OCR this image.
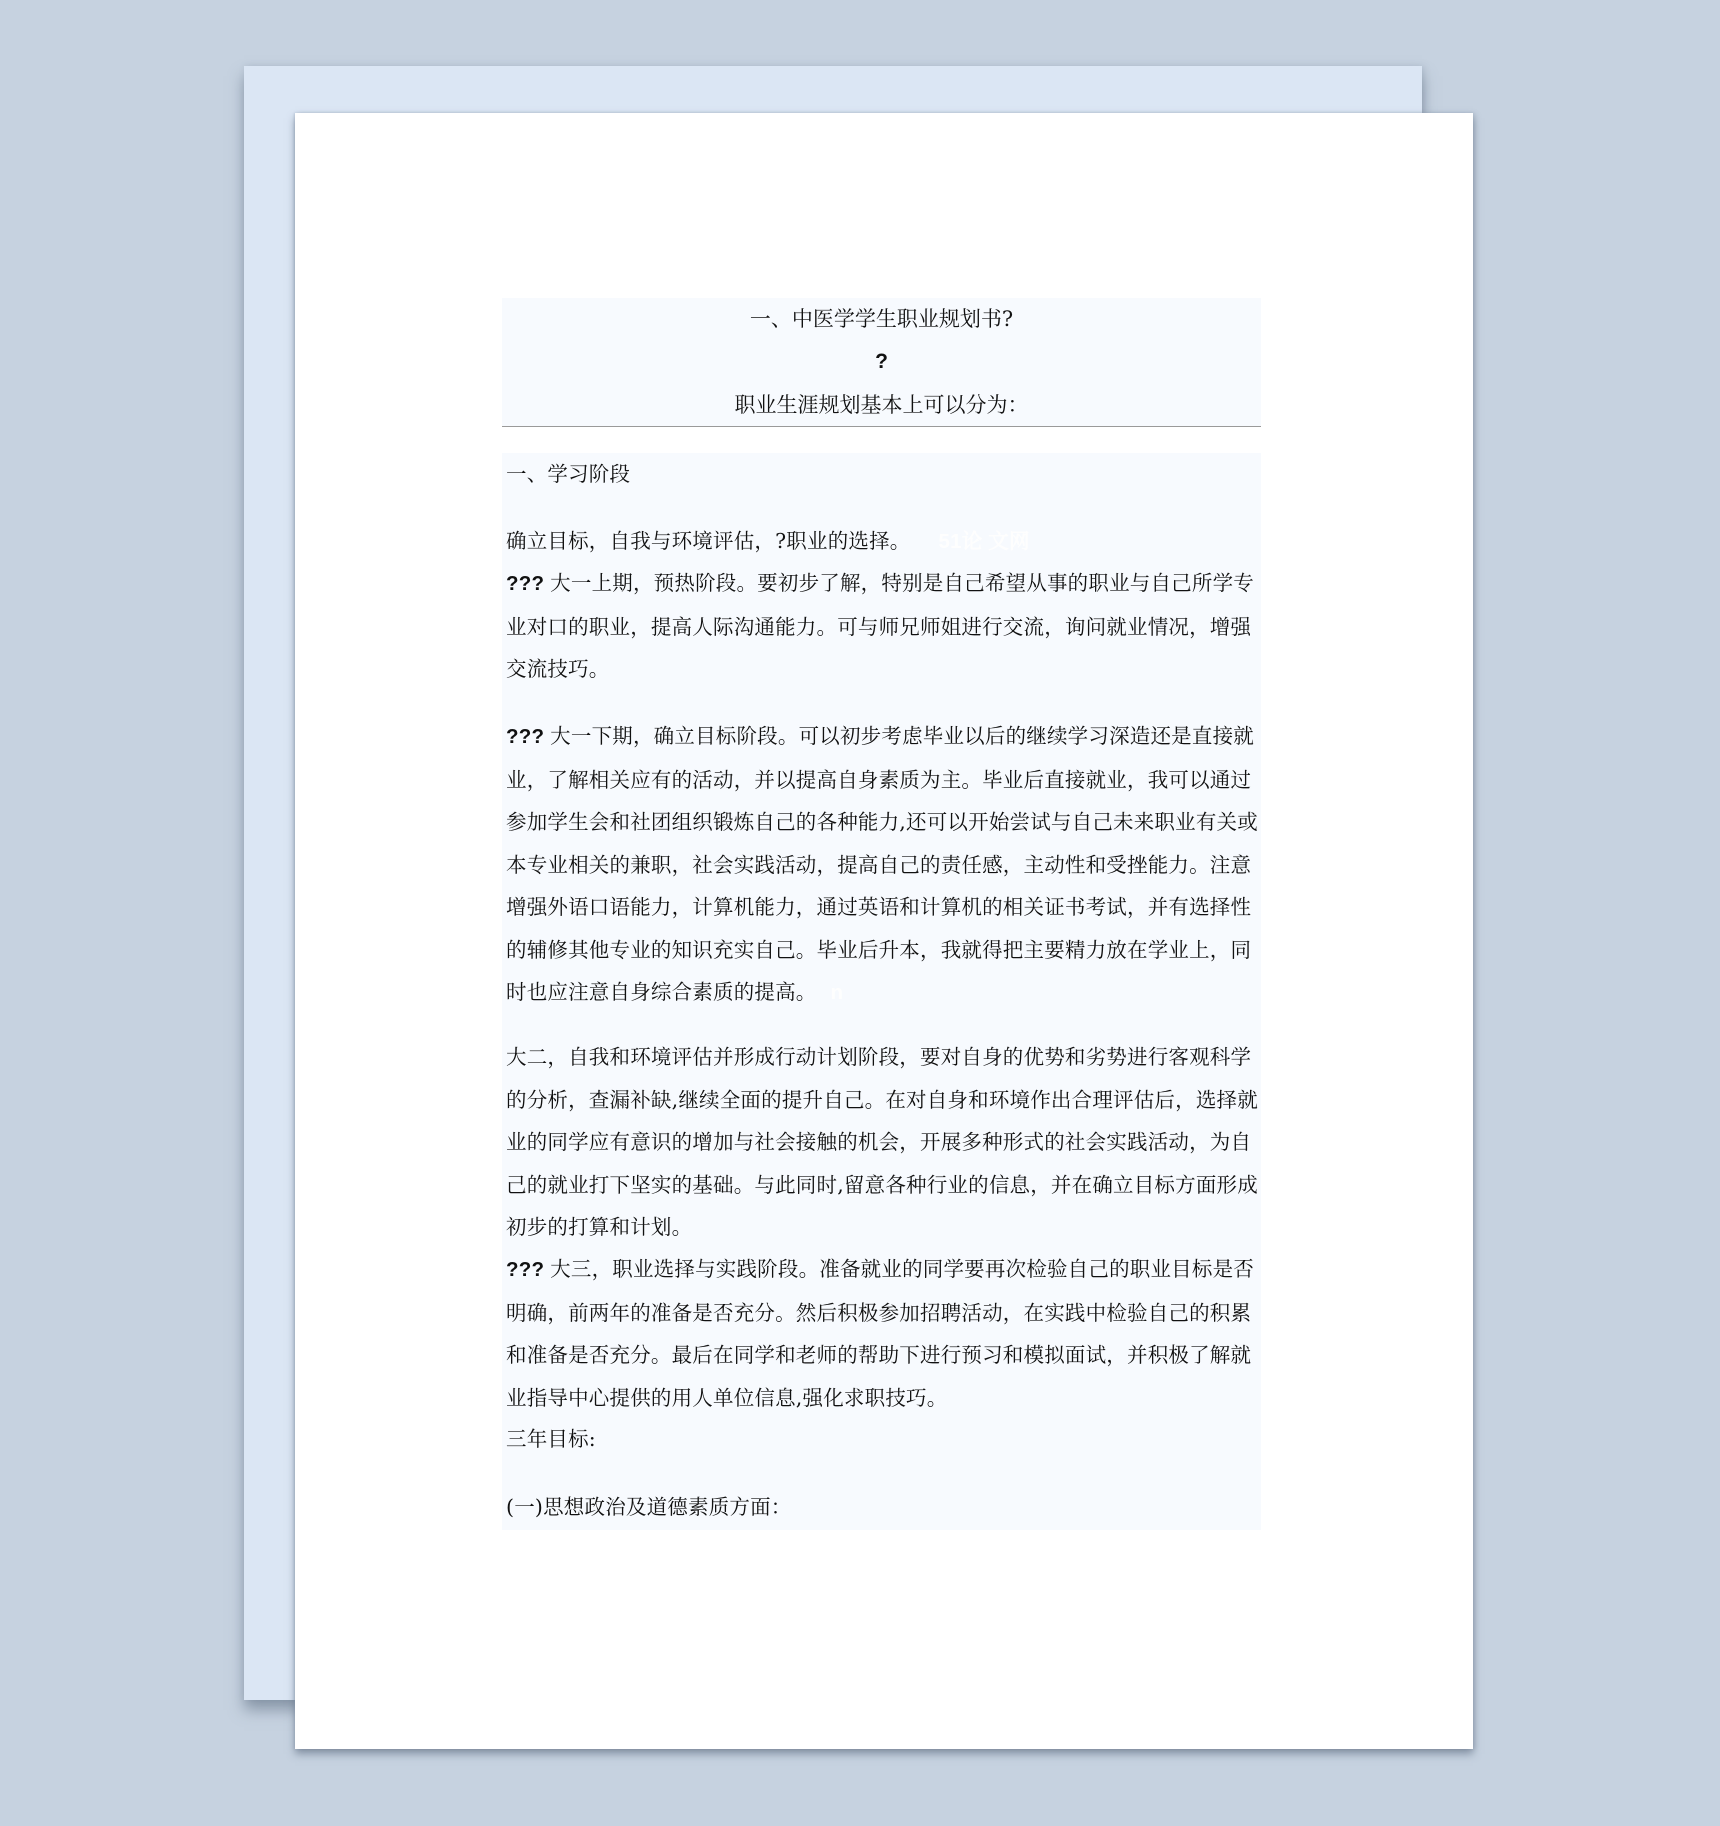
一、中医学学生职业规划书?
?
职业生涯规划基本上可以分为：
一、学习阶段
确立目标，自我与环境评估，?职业的选择。 51论 文网
??? 大一上期，预热阶段。要初步了解，特别是自己希望从事的职业与自己所学专业对口的职业，提高人际沟通能力。可与师兄师姐进行交流，询问就业情况，增强交流技巧。
??? 大一下期，确立目标阶段。可以初步考虑毕业以后的继续学习深造还是直接就业，了解相关应有的活动，并以提高自身素质为主。毕业后直接就业，我可以通过参加学生会和社团组织锻炼自己的各种能力,还可以开始尝试与自己未来职业有关或本专业相关的兼职，社会实践活动，提高自己的责任感，主动性和受挫能力。注意增强外语口语能力，计算机能力，通过英语和计算机的相关证书考试，并有选择性的辅修其他专业的知识充实自己。毕业后升本，我就得把主要精力放在学业上，同时也应注意自身综合素质的提高。 n
大二，自我和环境评估并形成行动计划阶段，要对自身的优势和劣势进行客观科学的分析，查漏补缺,继续全面的提升自己。在对自身和环境作出合理评估后，选择就业的同学应有意识的增加与社会接触的机会，开展多种形式的社会实践活动，为自己的就业打下坚实的基础。与此同时,留意各种行业的信息，并在确立目标方面形成初步的打算和计划。
??? 大三，职业选择与实践阶段。准备就业的同学要再次检验自己的职业目标是否明确，前两年的准备是否充分。然后积极参加招聘活动，在实践中检验自己的积累和准备是否充分。最后在同学和老师的帮助下进行预习和模拟面试，并积极了解就业指导中心提供的用人单位信息,强化求职技巧。
三年目标:
(一)思想政治及道德素质方面：
